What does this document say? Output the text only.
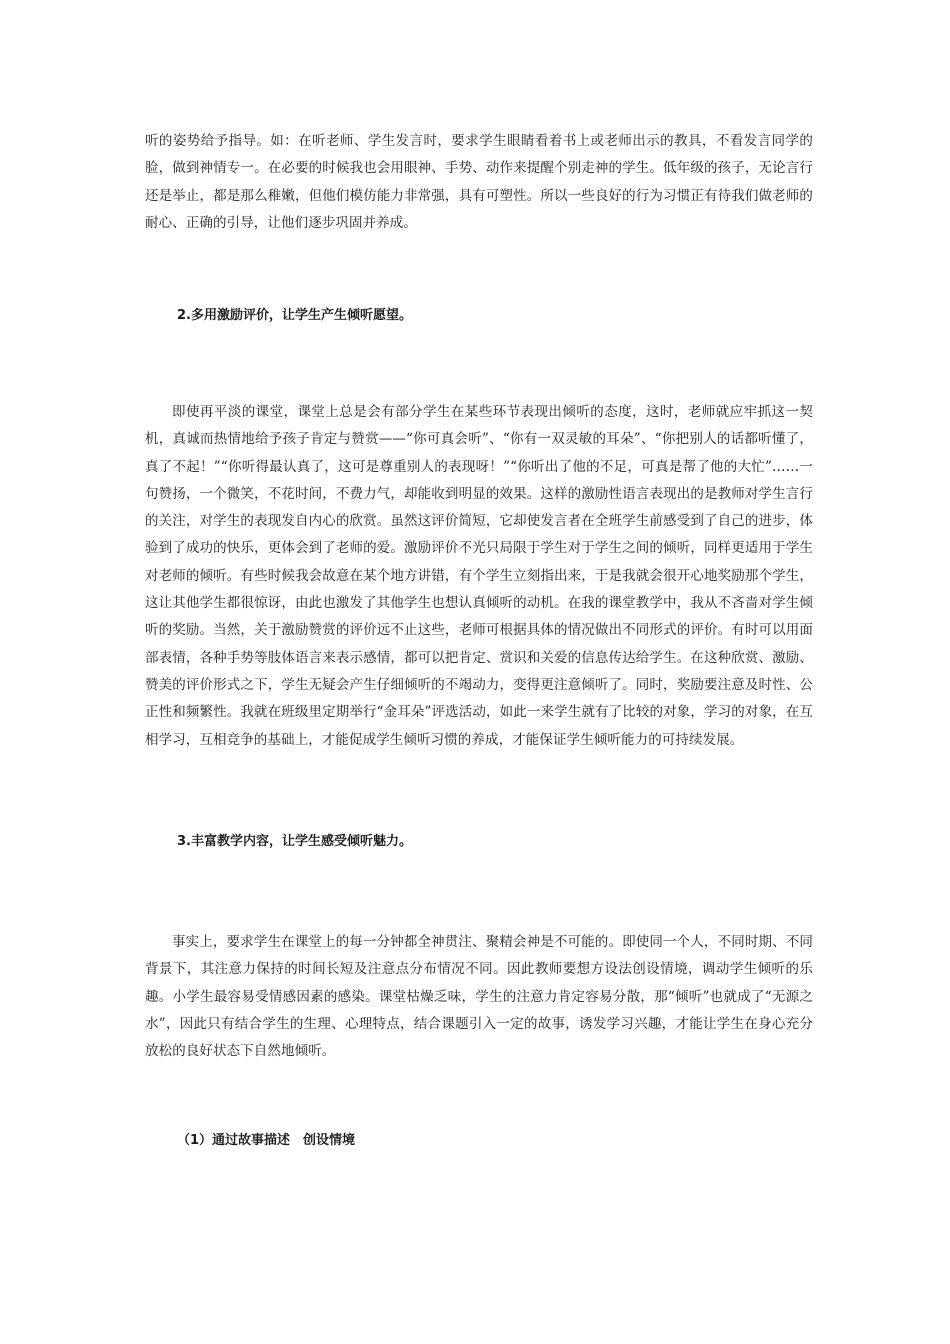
听的姿势给予指导。如：在听老师、学生发言时，要求学生眼睛看着书上或老师出示的教具，不看发言同学的脸，做到神情专一。在必要的时候我也会用眼神、手势、动作来提醒个别走神的学生。低年级的孩子，无论言行还是举止，都是那么稚嫩，但他们模仿能力非常强，具有可塑性。所以一些良好的行为习惯正有待我们做老师的耐心、正确的引导，让他们逐步巩固并养成。

2.多用激励评价，让学生产生倾听愿望。

即使再平淡的课堂，课堂上总是会有部分学生在某些环节表现出倾听的态度，这时，老师就应牢抓这一契机，真诚而热情地给予孩子肯定与赞赏——“你可真会听”、“你有一双灵敏的耳朵”、“你把别人的话都听懂了，真了不起！”“你听得最认真了，这可是尊重别人的表现呀！”“你听出了他的不足，可真是帮了他的大忙”……一句赞扬，一个微笑，不花时间，不费力气，却能收到明显的效果。这样的激励性语言表现出的是教师对学生言行的关注，对学生的表现发自内心的欣赏。虽然这评价简短，它却使发言者在全班学生前感受到了自己的进步，体验到了成功的快乐，更体会到了老师的爱。激励评价不光只局限于学生对于学生之间的倾听，同样更适用于学生对老师的倾听。有些时候我会故意在某个地方讲错，有个学生立刻指出来，于是我就会很开心地奖励那个学生，这让其他学生都很惊讶，由此也激发了其他学生也想认真倾听的动机。在我的课堂教学中，我从不吝啬对学生倾听的奖励。当然，关于激励赞赏的评价远不止这些，老师可根据具体的情况做出不同形式的评价。有时可以用面部表情，各种手势等肢体语言来表示感情，都可以把肯定、赏识和关爱的信息传达给学生。在这种欣赏、激励、赞美的评价形式之下，学生无疑会产生仔细倾听的不竭动力，变得更注意倾听了。同时，奖励要注意及时性、公正性和频繁性。我就在班级里定期举行“金耳朵”评选活动，如此一来学生就有了比较的对象，学习的对象，在互相学习，互相竞争的基础上，才能促成学生倾听习惯的养成，才能保证学生倾听能力的可持续发展。

3.丰富教学内容，让学生感受倾听魅力。

事实上，要求学生在课堂上的每一分钟都全神贯注、聚精会神是不可能的。即使同一个人，不同时期、不同背景下，其注意力保持的时间长短及注意点分布情况不同。因此教师要想方设法创设情境，调动学生倾听的乐趣。小学生最容易受情感因素的感染。课堂枯燥乏味，学生的注意力肯定容易分散，那“倾听”也就成了“无源之水”，因此只有结合学生的生理、心理特点，结合课题引入一定的故事，诱发学习兴趣，才能让学生在身心充分放松的良好状态下自然地倾听。

（1）通过故事描述　创设情境
